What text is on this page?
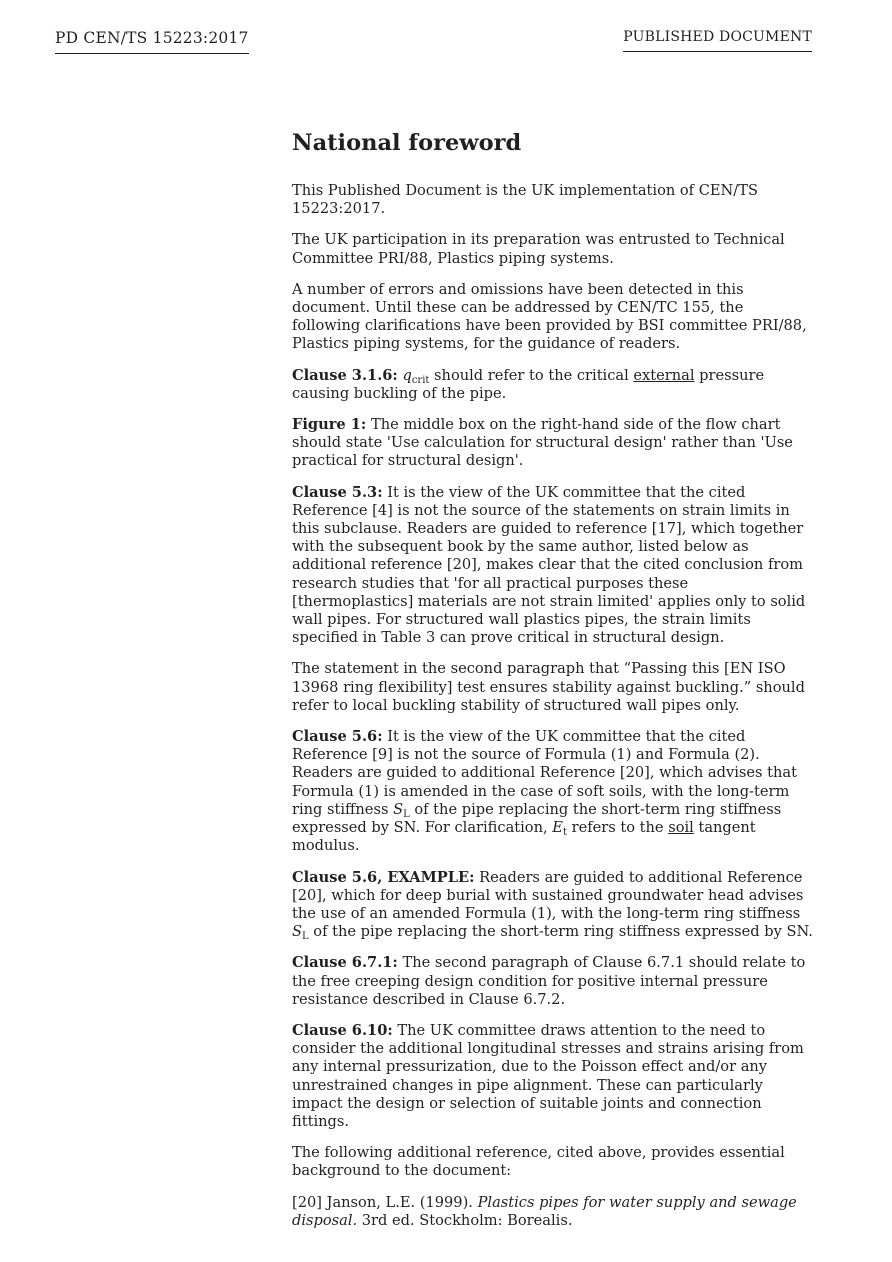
PD CEN/TS 15223:2017	PUBLISHED DOCUMENT
National foreword

This Published Document is the UK implementation of CEN/TS 15223:2017.

The UK participation in its preparation was entrusted to Technical Committee PRI/88, Plastics piping systems.

A number of errors and omissions have been detected in this document. Until these can be addressed by CEN/TC 155, the following clarifications have been provided by BSI committee PRI/88, Plastics piping systems, for the guidance of readers.

Clause 3.1.6: $q_{crit}$ should refer to the critical external pressure causing buckling of the pipe.

Figure 1: The middle box on the right-hand side of the flow chart should state 'Use calculation for structural design' rather than 'Use practical for structural design'.

Clause 5.3: It is the view of the UK committee that the cited Reference [4] is not the source of the statements on strain limits in this subclause. Readers are guided to reference [17], which together with the subsequent book by the same author, listed below as additional reference [20], makes clear that the cited conclusion from research studies that 'for all practical purposes these [thermoplastics] materials are not strain limited' applies only to solid wall pipes. For structured wall plastics pipes, the strain limits specified in Table 3 can prove critical in structural design.

The statement in the second paragraph that “Passing this [EN ISO 13968 ring flexibility] test ensures stability against buckling.” should refer to local buckling stability of structured wall pipes only.

Clause 5.6: It is the view of the UK committee that the cited Reference [9] is not the source of Formula (1) and Formula (2). Readers are guided to additional Reference [20], which advises that Formula (1) is amended in the case of soft soils, with the long-term ring stiffness $S_L$ of the pipe replacing the short-term ring stiffness expressed by SN. For clarification, $E_t$ refers to the soil tangent modulus.

Clause 5.6, EXAMPLE: Readers are guided to additional Reference [20], which for deep burial with sustained groundwater head advises the use of an amended Formula (1), with the long-term ring stiffness $S_L$ of the pipe replacing the short-term ring stiffness expressed by SN.

Clause 6.7.1: The second paragraph of Clause 6.7.1 should relate to the free creeping design condition for positive internal pressure resistance described in Clause 6.7.2.

Clause 6.10: The UK committee draws attention to the need to consider the additional longitudinal stresses and strains arising from any internal pressurization, due to the Poisson effect and/or any unrestrained changes in pipe alignment. These can particularly impact the design or selection of suitable joints and connection fittings.

The following additional reference, cited above, provides essential background to the document:

[20] Janson, L.E. (1999). Plastics pipes for water supply and sewage disposal. 3rd ed. Stockholm: Borealis.
